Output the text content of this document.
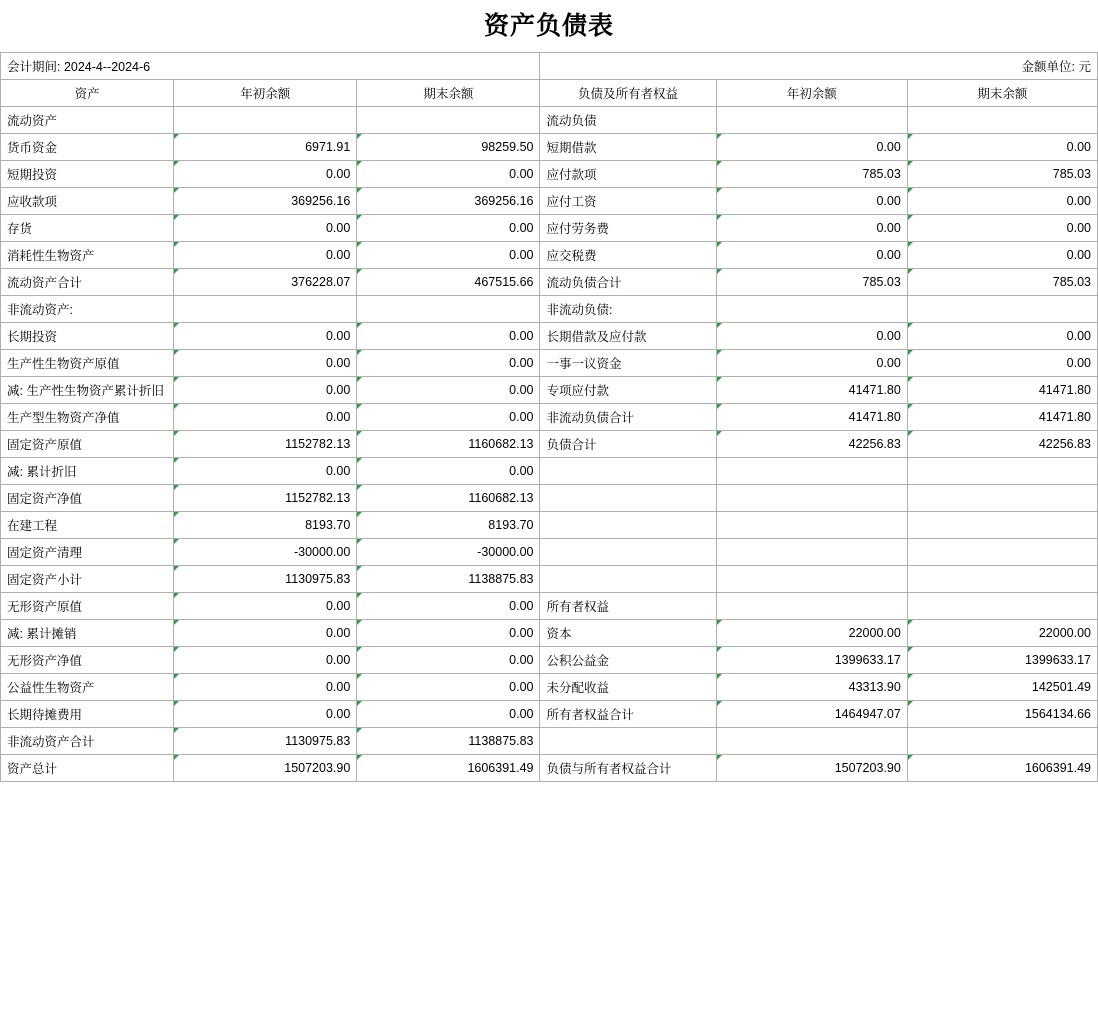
资产负债表
会计期间: 2024-4--2024-6			金额单位: 元		
资产	年初余额	期末余额	负债及所有者权益	年初余额	期末余额
流动资产			流动负债		
货币资金	6971.91	98259.50	短期借款	0.00	0.00
短期投资	0.00	0.00	应付款项	785.03	785.03
应收款项	369256.16	369256.16	应付工资	0.00	0.00
存货	0.00	0.00	应付劳务费	0.00	0.00
消耗性生物资产	0.00	0.00	应交税费	0.00	0.00
流动资产合计	376228.07	467515.66	流动负债合计	785.03	785.03
非流动资产:			非流动负债:		
长期投资	0.00	0.00	长期借款及应付款	0.00	0.00
生产性生物资产原值	0.00	0.00	一事一议资金	0.00	0.00
减: 生产性生物资产累计折旧	0.00	0.00	专项应付款	41471.80	41471.80
生产型生物资产净值	0.00	0.00	非流动负债合计	41471.80	41471.80
固定资产原值	1152782.13	1160682.13	负债合计	42256.83	42256.83
减: 累计折旧	0.00	0.00			
固定资产净值	1152782.13	1160682.13			
在建工程	8193.70	8193.70			
固定资产清理	-30000.00	-30000.00			
固定资产小计	1130975.83	1138875.83			
无形资产原值	0.00	0.00	所有者权益		
减: 累计摊销	0.00	0.00	资本	22000.00	22000.00
无形资产净值	0.00	0.00	公积公益金	1399633.17	1399633.17
公益性生物资产	0.00	0.00	未分配收益	43313.90	142501.49
长期待摊费用	0.00	0.00	所有者权益合计	1464947.07	1564134.66
非流动资产合计	1130975.83	1138875.83			
资产总计	1507203.90	1606391.49	负债与所有者权益合计	1507203.90	1606391.49
